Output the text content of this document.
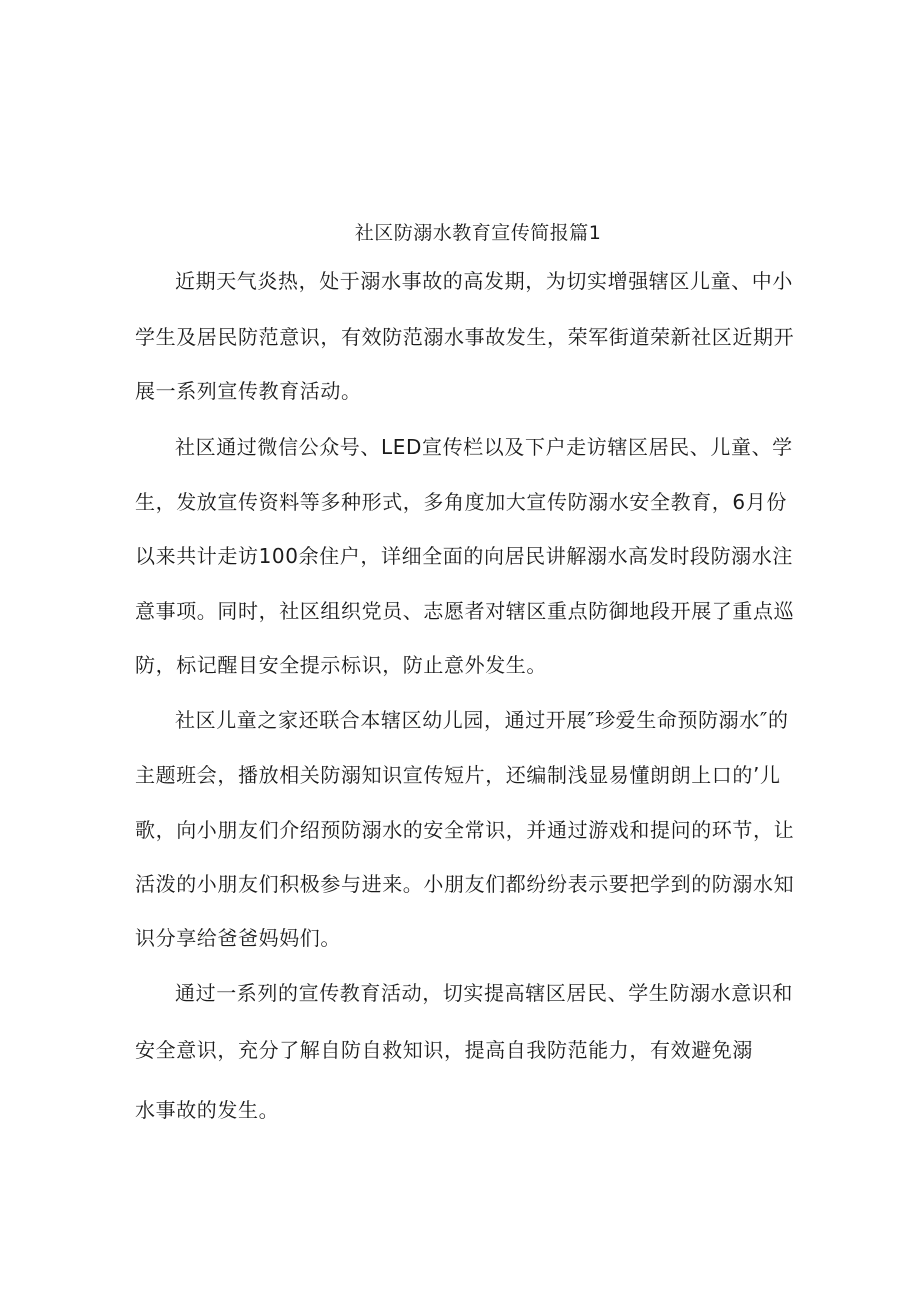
社区防溺水教育宣传简报篇1
近期天气炎热，处于溺水事故的高发期，为切实增强辖区儿童、中小
学生及居民防范意识，有效防范溺水事故发生，荣军街道荣新社区近期开
展一系列宣传教育活动。
社区通过微信公众号、LED宣传栏以及下户走访辖区居民、儿童、学
生，发放宣传资料等多种形式，多角度加大宣传防溺水安全教育，6月份
以来共计走访100余住户，详细全面的向居民讲解溺水高发时段防溺水注
意事项。同时，社区组织党员、志愿者对辖区重点防御地段开展了重点巡
防，标记醒目安全提示标识，防止意外发生。
社区儿童之家还联合本辖区幼儿园，通过开展″珍爱生命预防溺水″的
主题班会，播放相关防溺知识宣传短片，还编制浅显易懂朗朗上口的’儿
歌，向小朋友们介绍预防溺水的安全常识，并通过游戏和提问的环节，让
活泼的小朋友们积极参与进来。小朋友们都纷纷表示要把学到的防溺水知
识分享给爸爸妈妈们。
通过一系列的宣传教育活动，切实提高辖区居民、学生防溺水意识和
安全意识，充分了解自防自救知识，提高自我防范能力，有效避免溺
水事故的发生。
